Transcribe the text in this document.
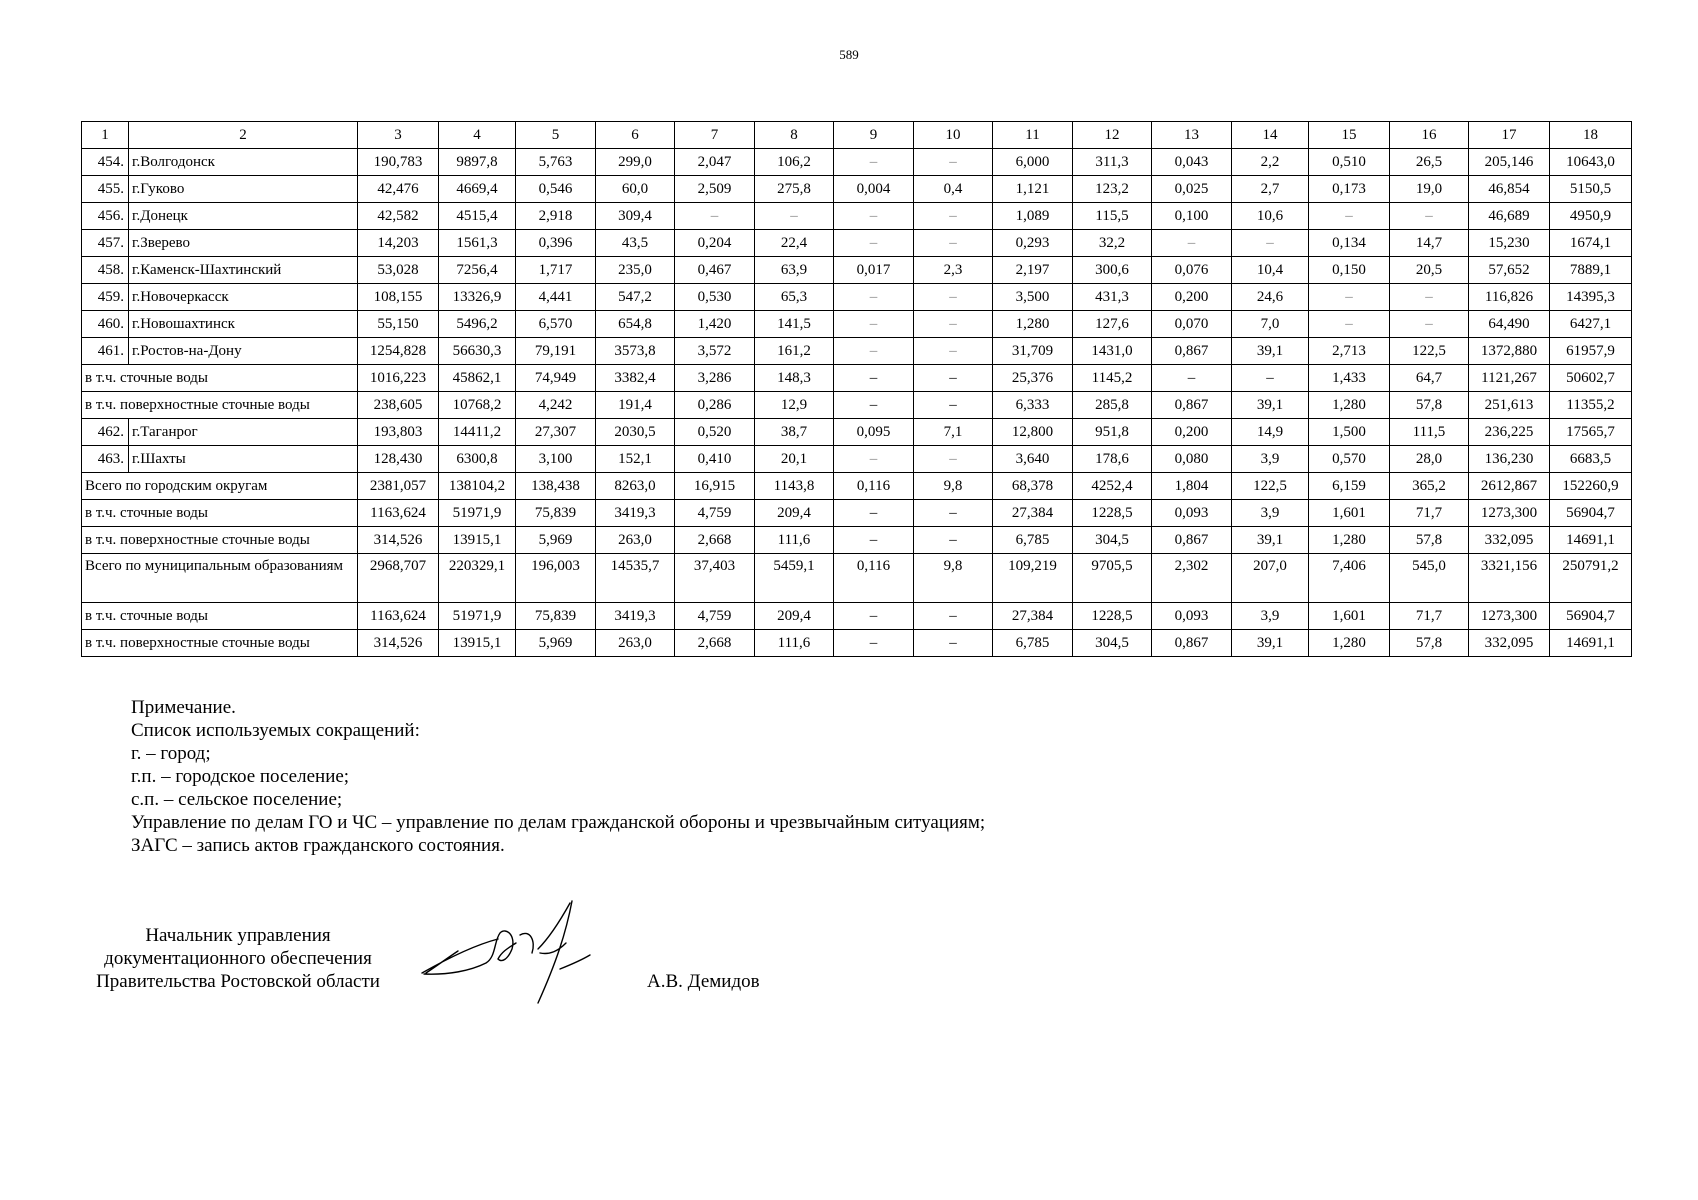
589
1	2	3	4	5	6	7	8	9	10	11	12	13	14	15	16	17	18
454.	г.Волгодонск	190,783	9897,8	5,763	299,0	2,047	106,2	–	–	6,000	311,3	0,043	2,2	0,510	26,5	205,146	10643,0
455.	г.Гуково	42,476	4669,4	0,546	60,0	2,509	275,8	0,004	0,4	1,121	123,2	0,025	2,7	0,173	19,0	46,854	5150,5
456.	г.Донецк	42,582	4515,4	2,918	309,4	–	–	–	–	1,089	115,5	0,100	10,6	–	–	46,689	4950,9
457.	г.Зверево	14,203	1561,3	0,396	43,5	0,204	22,4	–	–	0,293	32,2	–	–	0,134	14,7	15,230	1674,1
458.	г.Каменск-Шахтинский	53,028	7256,4	1,717	235,0	0,467	63,9	0,017	2,3	2,197	300,6	0,076	10,4	0,150	20,5	57,652	7889,1
459.	г.Новочеркасск	108,155	13326,9	4,441	547,2	0,530	65,3	–	–	3,500	431,3	0,200	24,6	–	–	116,826	14395,3
460.	г.Новошахтинск	55,150	5496,2	6,570	654,8	1,420	141,5	–	–	1,280	127,6	0,070	7,0	–	–	64,490	6427,1
461.	г.Ростов-на-Дону	1254,828	56630,3	79,191	3573,8	3,572	161,2	–	–	31,709	1431,0	0,867	39,1	2,713	122,5	1372,880	61957,9
в т.ч. сточные воды		1016,223	45862,1	74,949	3382,4	3,286	148,3	–	–	25,376	1145,2	–	–	1,433	64,7	1121,267	50602,7
в т.ч. поверхностные сточные воды		238,605	10768,2	4,242	191,4	0,286	12,9	–	–	6,333	285,8	0,867	39,1	1,280	57,8	251,613	11355,2
462.	г.Таганрог	193,803	14411,2	27,307	2030,5	0,520	38,7	0,095	7,1	12,800	951,8	0,200	14,9	1,500	111,5	236,225	17565,7
463.	г.Шахты	128,430	6300,8	3,100	152,1	0,410	20,1	–	–	3,640	178,6	0,080	3,9	0,570	28,0	136,230	6683,5
Всего по городским округам		2381,057	138104,2	138,438	8263,0	16,915	1143,8	0,116	9,8	68,378	4252,4	1,804	122,5	6,159	365,2	2612,867	152260,9
в т.ч. сточные воды		1163,624	51971,9	75,839	3419,3	4,759	209,4	–	–	27,384	1228,5	0,093	3,9	1,601	71,7	1273,300	56904,7
в т.ч. поверхностные сточные воды		314,526	13915,1	5,969	263,0	2,668	111,6	–	–	6,785	304,5	0,867	39,1	1,280	57,8	332,095	14691,1
Всего по муниципальным образованиям		2968,707	220329,1	196,003	14535,7	37,403	5459,1	0,116	9,8	109,219	9705,5	2,302	207,0	7,406	545,0	3321,156	250791,2
в т.ч. сточные воды		1163,624	51971,9	75,839	3419,3	4,759	209,4	–	–	27,384	1228,5	0,093	3,9	1,601	71,7	1273,300	56904,7
в т.ч. поверхностные сточные воды		314,526	13915,1	5,969	263,0	2,668	111,6	–	–	6,785	304,5	0,867	39,1	1,280	57,8	332,095	14691,1
Примечание.
Список используемых сокращений:
г. – город;
г.п. – городское поселение;
с.п. – сельское поселение;
Управление по делам ГО и ЧС – управление по делам гражданской обороны и чрезвычайным ситуациям;
ЗАГС – запись актов гражданского состояния.
Начальник управления
документационного обеспечения
Правительства Ростовской области	А.В. Демидов
